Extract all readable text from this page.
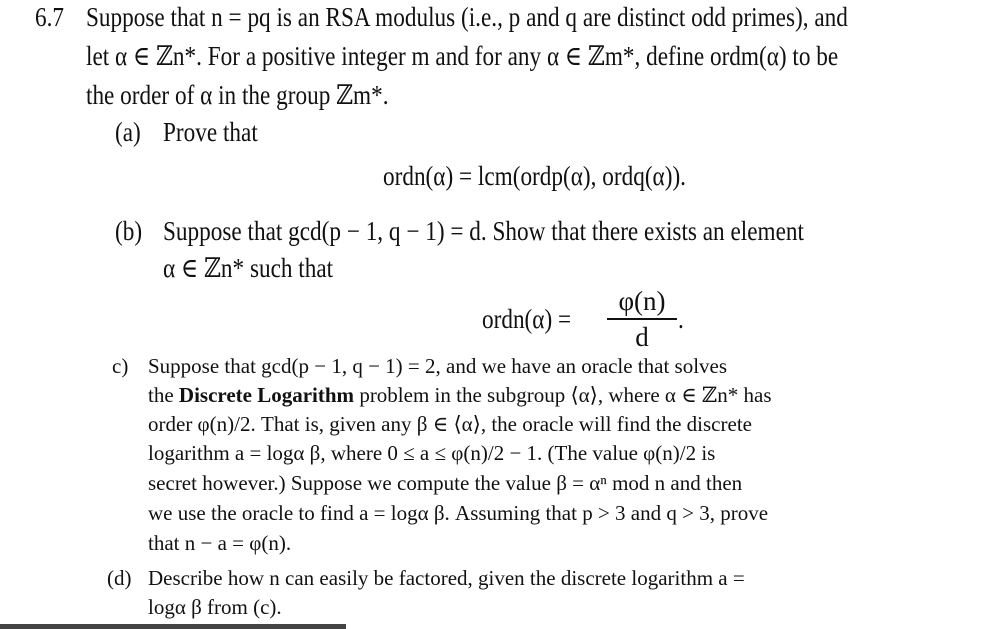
6.7 Suppose that n = pq is an RSA modulus (i.e., p and q are distinct odd primes), and
let α ∈ ℤn*. For a positive integer m and for any α ∈ ℤm*, define ordm(α) to be
the order of α in the group ℤm*.
(a) Prove that
ordn(α) = lcm(ordp(α), ordq(α)).
(b) Suppose that gcd(p − 1, q − 1) = d. Show that there exists an element
α ∈ ℤn* such that
ordn(α) =
φ(n)
d
.
c) Suppose that gcd(p − 1, q − 1) = 2, and we have an oracle that solves
the Discrete Logarithm problem in the subgroup ⟨α⟩, where α ∈ ℤn* has
order φ(n)/2. That is, given any β ∈ ⟨α⟩, the oracle will find the discrete
logarithm a = logα β, where 0 ≤ a ≤ φ(n)/2 − 1. (The value φ(n)/2 is
secret however.) Suppose we compute the value β = αⁿ mod n and then
we use the oracle to find a = logα β. Assuming that p > 3 and q > 3, prove
that n − a = φ(n).
(d) Describe how n can easily be factored, given the discrete logarithm a =
logα β from (c).
